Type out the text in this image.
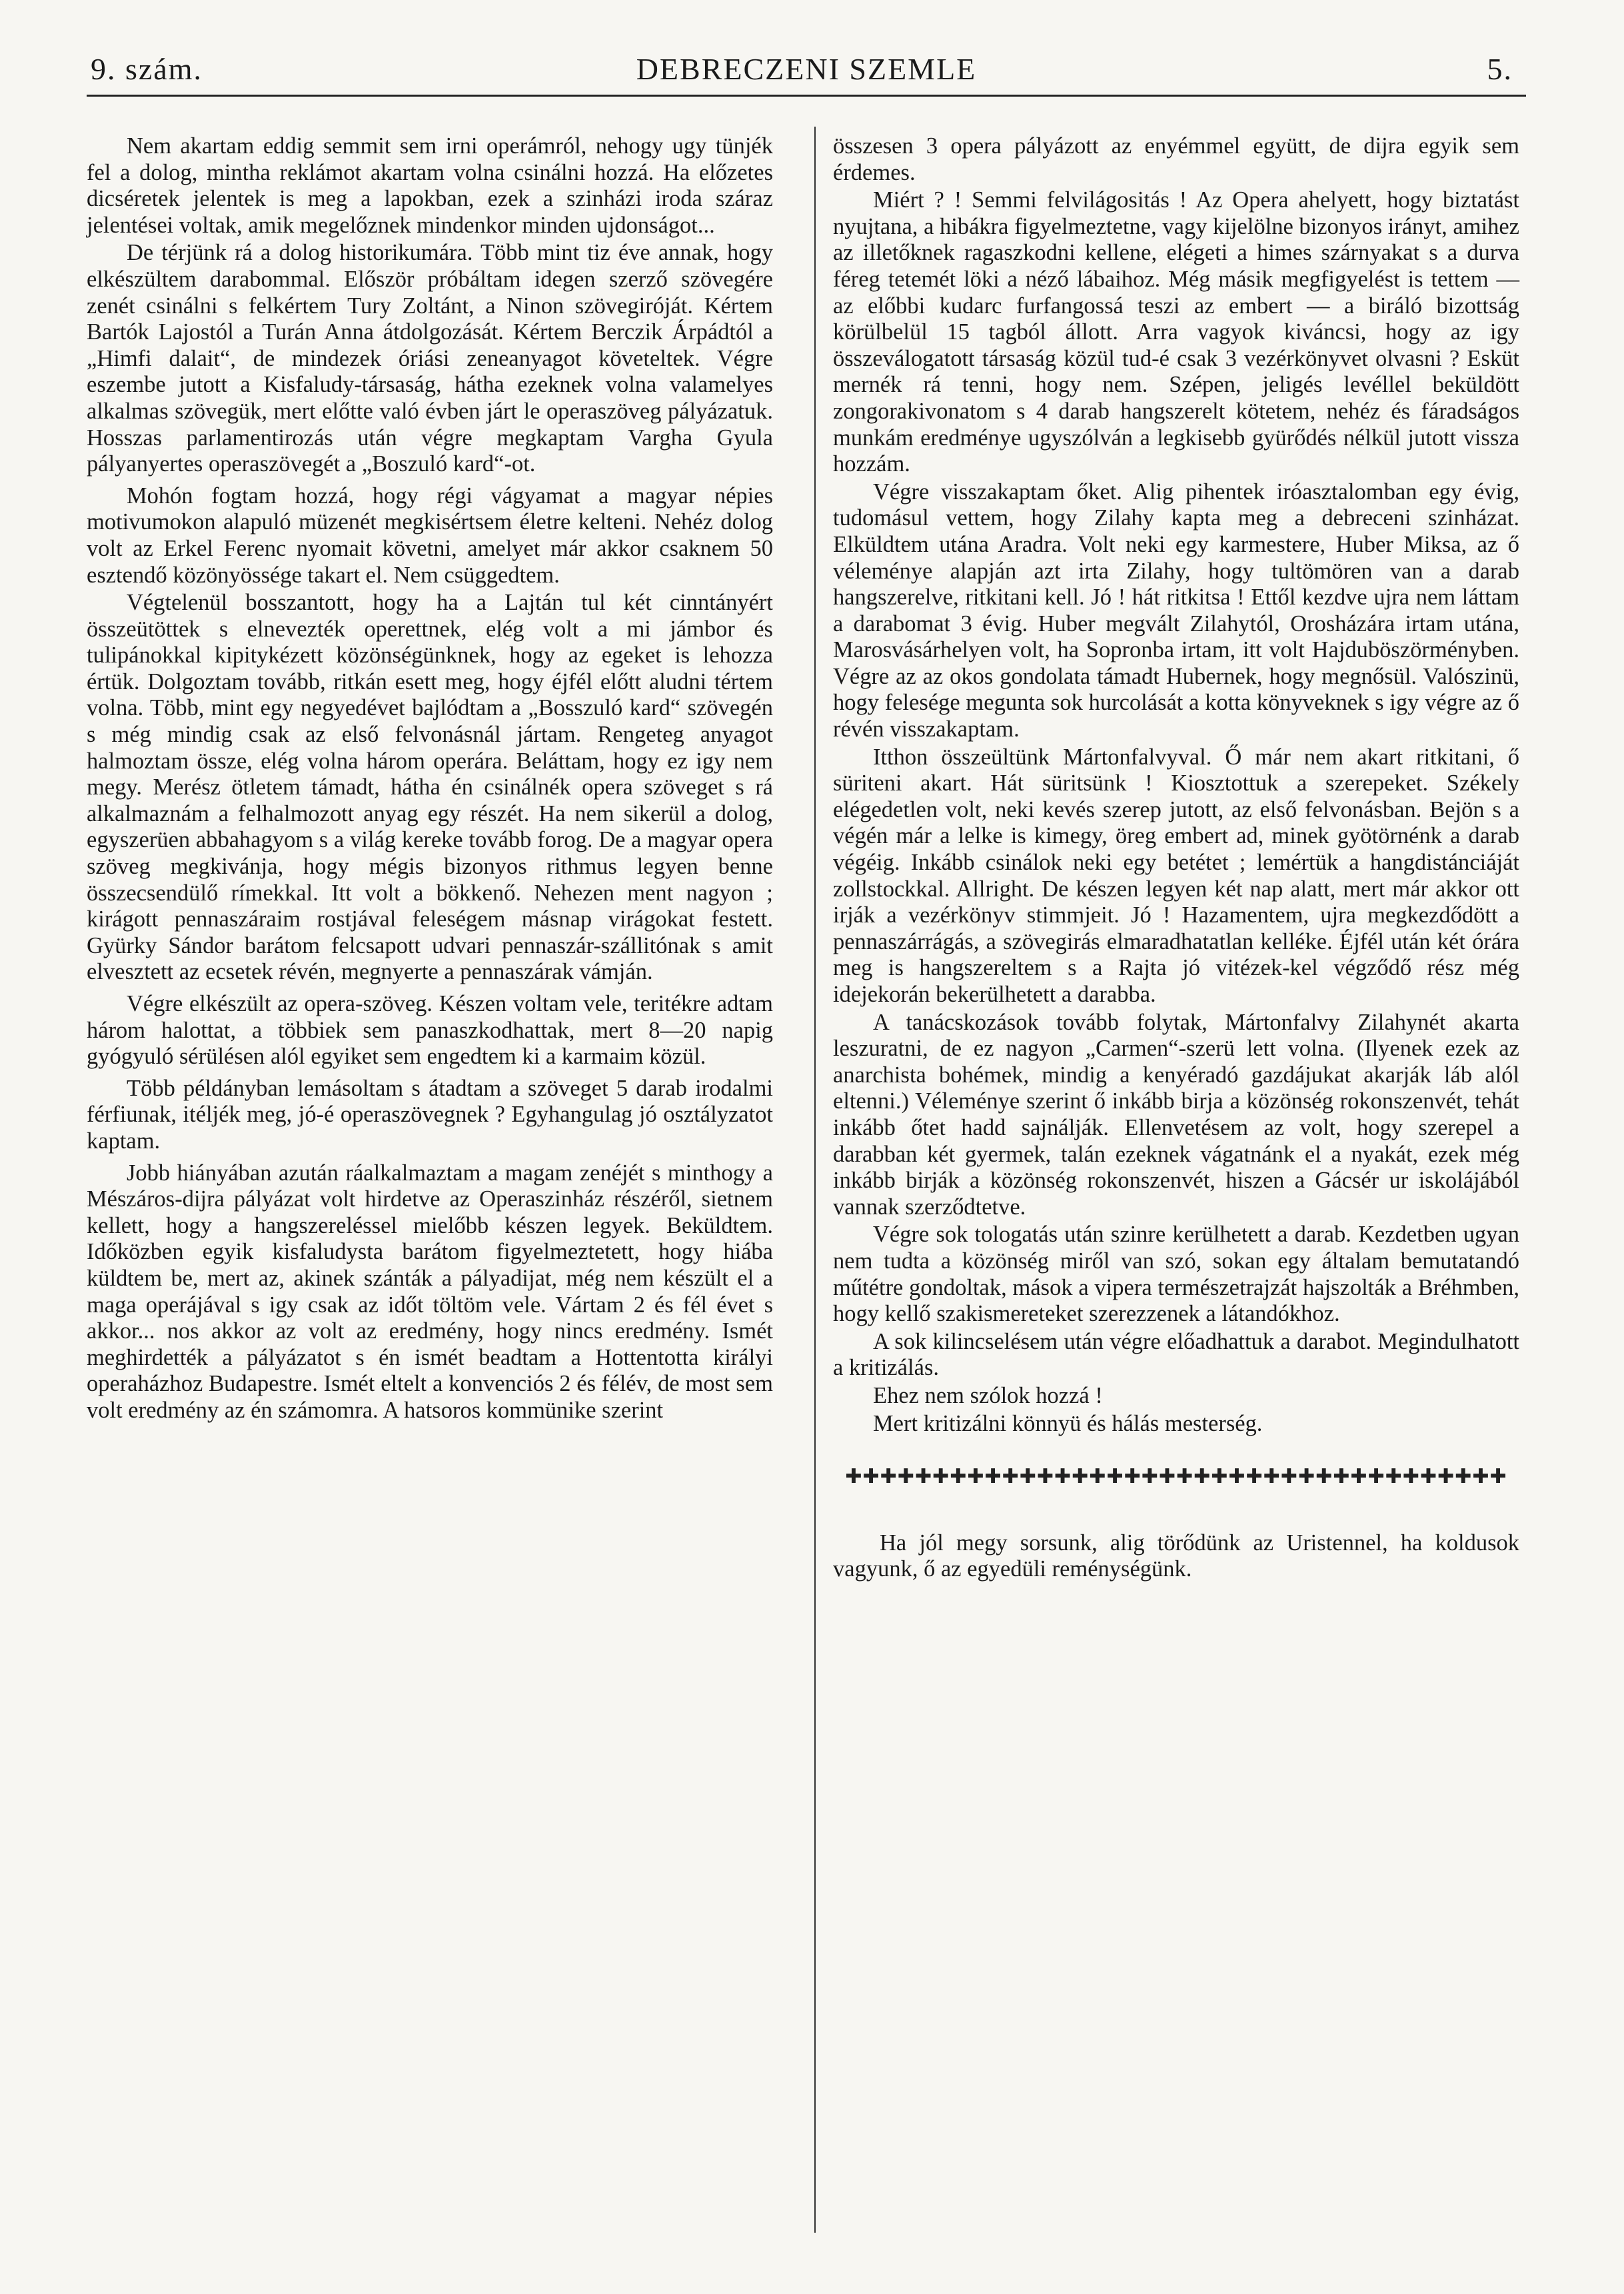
9. szám.	DEBRECZENI SZEMLE	5.

Nem akartam eddig semmit sem irni operámról, nehogy ugy tünjék fel a dolog, mintha reklámot akartam volna csinálni hozzá. Ha előzetes dicséretek jelentek is meg a lapokban, ezek a szinházi iroda száraz jelentései voltak, amik megelőznek mindenkor minden ujdonságot...

De térjünk rá a dolog historikumára. Több mint tiz éve annak, hogy elkészültem darabommal. Először próbáltam idegen szerző szövegére zenét csinálni s felkértem Tury Zoltánt, a Ninon szövegiróját. Kértem Bartók Lajostól a Turán Anna átdolgozását. Kértem Berczik Árpádtól a „Himfi dalait“, de mindezek óriási zeneanyagot követeltek. Végre eszembe jutott a Kisfaludy-társaság, hátha ezeknek volna valamelyes alkalmas szövegük, mert előtte való évben járt le operaszöveg pályázatuk. Hosszas parlamentirozás után végre megkaptam Vargha Gyula pályanyertes operaszövegét a „Boszuló kard“-ot.

Mohón fogtam hozzá, hogy régi vágyamat a magyar népies motivumokon alapuló müzenét megkisértsem életre kelteni. Nehéz dolog volt az Erkel Ferenc nyomait követni, amelyet már akkor csaknem 50 esztendő közönyössége takart el. Nem csüggedtem.

Végtelenül bosszantott, hogy ha a Lajtán tul két cinntányért összeütöttek s elnevezték operettnek, elég volt a mi jámbor és tulipánokkal kipitykézett közönségünknek, hogy az egeket is lehozza értük. Dolgoztam tovább, ritkán esett meg, hogy éjfél előtt aludni tértem volna. Több, mint egy negyedévet bajlódtam a „Bosszuló kard“ szövegén s még mindig csak az első felvonásnál jártam. Rengeteg anyagot halmoztam össze, elég volna három operára. Beláttam, hogy ez igy nem megy. Merész ötletem támadt, hátha én csinálnék opera szöveget s rá alkalmaznám a felhalmozott anyag egy részét. Ha nem sikerül a dolog, egyszerüen abbahagyom s a világ kereke tovább forog. De a magyar opera szöveg megkivánja, hogy mégis bizonyos rithmus legyen benne összecsendülő rímekkal. Itt volt a bökkenő. Nehezen ment nagyon ; kirágott pennaszáraim rostjával feleségem másnap virágokat festett. Gyürky Sándor barátom felcsapott udvari pennaszár-szállitónak s amit elvesztett az ecsetek révén, megnyerte a pennaszárak vámján.

Végre elkészült az opera-szöveg. Készen voltam vele, teritékre adtam három halottat, a többiek sem panaszkodhattak, mert 8—20 napig gyógyuló sérülésen alól egyiket sem engedtem ki a karmaim közül.

Több példányban lemásoltam s átadtam a szöveget 5 darab irodalmi férfiunak, itéljék meg, jó-é operaszövegnek ? Egyhangulag jó osztályzatot kaptam.

Jobb hiányában azután ráalkalmaztam a magam zenéjét s minthogy a Mészáros-dijra pályázat volt hirdetve az Operaszinház részéről, sietnem kellett, hogy a hangszereléssel mielőbb készen legyek. Beküldtem. Időközben egyik kisfaludysta barátom figyelmeztetett, hogy hiába küldtem be, mert az, akinek szánták a pályadijat, még nem készült el a maga operájával s igy csak az időt töltöm vele. Vártam 2 és fél évet s akkor... nos akkor az volt az eredmény, hogy nincs eredmény. Ismét meghirdették a pályázatot s én ismét beadtam a Hottentotta királyi operaházhoz Budapestre. Ismét eltelt a konvenciós 2 és félév, de most sem volt eredmény az én számomra. A hatsoros kommünike szerint

összesen 3 opera pályázott az enyémmel együtt, de dijra egyik sem érdemes.

Miért ? ! Semmi felvilágositás ! Az Opera ahelyett, hogy biztatást nyujtana, a hibákra figyelmeztetne, vagy kijelölne bizonyos irányt, amihez az illetőknek ragaszkodni kellene, elégeti a himes szárnyakat s a durva féreg tetemét löki a néző lábaihoz. Még másik megfigyelést is tettem — az előbbi kudarc furfangossá teszi az embert — a biráló bizottság körülbelül 15 tagból állott. Arra vagyok kiváncsi, hogy az igy összeválogatott társaság közül tud-é csak 3 vezérkönyvet olvasni ? Esküt mernék rá tenni, hogy nem. Szépen, jeligés levéllel beküldött zongorakivonatom s 4 darab hangszerelt kötetem, nehéz és fáradságos munkám eredménye ugyszólván a legkisebb gyürődés nélkül jutott vissza hozzám.

Végre visszakaptam őket. Alig pihentek iróasztalomban egy évig, tudomásul vettem, hogy Zilahy kapta meg a debreceni szinházat. Elküldtem utána Aradra. Volt neki egy karmestere, Huber Miksa, az ő véleménye alapján azt irta Zilahy, hogy tultömören van a darab hangszerelve, ritkitani kell. Jó ! hát ritkitsa ! Ettől kezdve ujra nem láttam a darabomat 3 évig. Huber megvált Zilahytól, Orosházára irtam utána, Marosvásárhelyen volt, ha Sopronba irtam, itt volt Hajduböszörményben. Végre az az okos gondolata támadt Hubernek, hogy megnősül. Valószinü, hogy felesége megunta sok hurcolását a kotta könyveknek s igy végre az ő révén visszakaptam.

Itthon összeültünk Mártonfalvyval. Ő már nem akart ritkitani, ő süriteni akart. Hát süritsünk ! Kiosztottuk a szerepeket. Székely elégedetlen volt, neki kevés szerep jutott, az első felvonásban. Bejön s a végén már a lelke is kimegy, öreg embert ad, minek gyötörnénk a darab végéig. Inkább csinálok neki egy betétet ; lemértük a hangdistánciáját zollstockkal. Allright. De készen legyen két nap alatt, mert már akkor ott irják a vezérkönyv stimmjeit. Jó ! Hazamentem, ujra megkezdődött a pennaszárrágás, a szövegirás elmaradhatatlan kelléke. Éjfél után két órára meg is hangszereltem s a Rajta jó vitézek-kel végződő rész még idejekorán bekerülhetett a darabba.

A tanácskozások tovább folytak, Mártonfalvy Zilahynét akarta leszuratni, de ez nagyon „Carmen“-szerü lett volna. (Ilyenek ezek az anarchista bohémek, mindig a kenyéradó gazdájukat akarják láb alól eltenni.) Véleménye szerint ő inkább birja a közönség rokonszenvét, tehát inkább őtet hadd sajnálják. Ellenvetésem az volt, hogy szerepel a darabban két gyermek, talán ezeknek vágatnánk el a nyakát, ezek még inkább birják a közönség rokonszenvét, hiszen a Gácsér ur iskolájából vannak szerződtetve.

Végre sok tologatás után szinre kerülhetett a darab. Kezdetben ugyan nem tudta a közönség miről van szó, sokan egy általam bemutatandó műtétre gondoltak, mások a vipera természetrajzát hajszolták a Bréhmben, hogy kellő szakismereteket szerezzenek a látandókhoz.

A sok kilincselésem után végre előadhattuk a darabot. Megindulhatott a kritizálás.

Ehez nem szólok hozzá !

Mert kritizálni könnyü és hálás mesterség.

✚✚✚✚✚✚✚✚✚✚✚✚✚✚✚✚✚✚✚✚✚✚✚✚✚✚✚✚✚✚✚✚✚✚✚✚✚✚

Ha jól megy sorsunk, alig törődünk az Uristennel, ha koldusok vagyunk, ő az egyedüli reménységünk.
